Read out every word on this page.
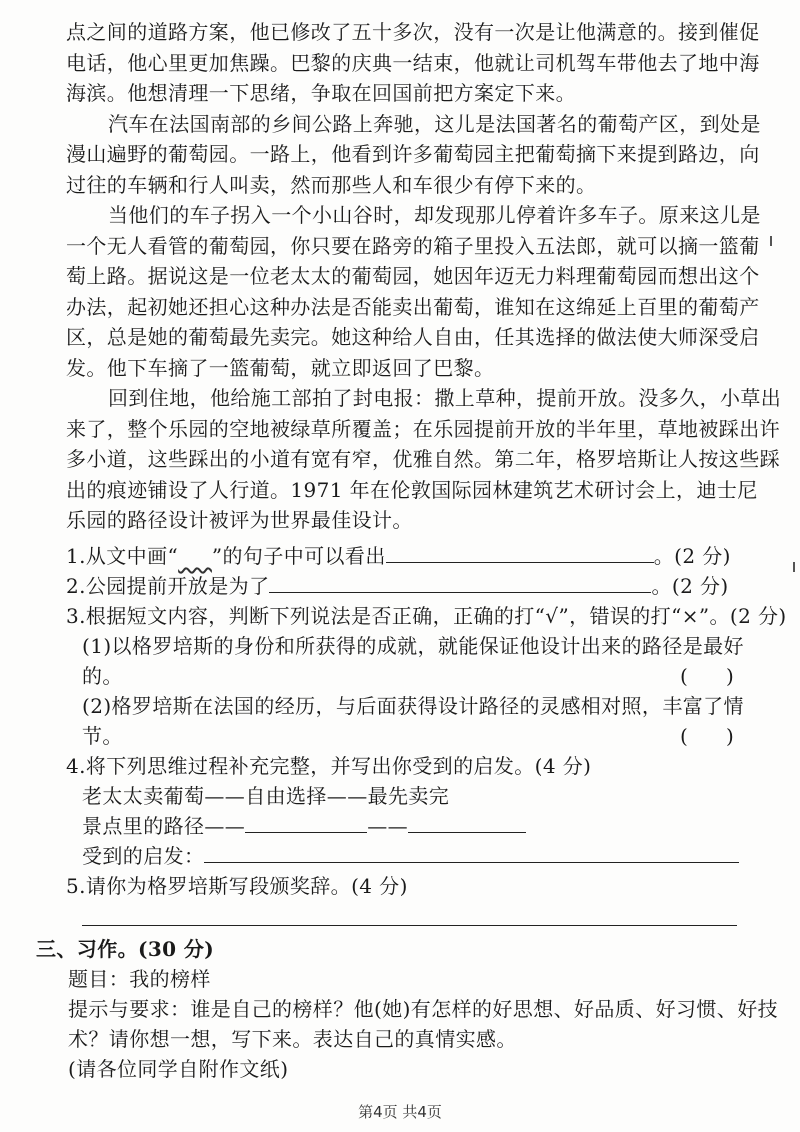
点之间的道路方案，他已修改了五十多次，没有一次是让他满意的。接到催促
电话，他心里更加焦躁。巴黎的庆典一结束，他就让司机驾车带他去了地中海
海滨。他想清理一下思绪，争取在回国前把方案定下来。
汽车在法国南部的乡间公路上奔驰，这儿是法国著名的葡萄产区，到处是
漫山遍野的葡萄园。一路上，他看到许多葡萄园主把葡萄摘下来提到路边，向
过往的车辆和行人叫卖，然而那些人和车很少有停下来的。
当他们的车子拐入一个小山谷时，却发现那儿停着许多车子。原来这儿是
一个无人看管的葡萄园，你只要在路旁的箱子里投入五法郎，就可以摘一篮葡
萄上路。据说这是一位老太太的葡萄园，她因年迈无力料理葡萄园而想出这个
办法，起初她还担心这种办法是否能卖出葡萄，谁知在这绵延上百里的葡萄产
区，总是她的葡萄最先卖完。她这种给人自由，任其选择的做法使大师深受启
发。他下车摘了一篮葡萄，就立即返回了巴黎。
回到住地，他给施工部拍了封电报：撒上草种，提前开放。没多久，小草出
来了，整个乐园的空地被绿草所覆盖；在乐园提前开放的半年里，草地被踩出许
多小道，这些踩出的小道有宽有窄，优雅自然。第二年，格罗培斯让人按这些踩
出的痕迹铺设了人行道。1971 年在伦敦国际园林建筑艺术研讨会上，迪士尼
乐园的路径设计被评为世界最佳设计。
1.从文中画“ ”的句子中可以看出	。(2 分)
2.公园提前开放是为了	。(2 分)
3.根据短文内容，判断下列说法是否正确，正确的打“√”，错误的打“×”。(2 分)
(1)以格罗培斯的身份和所获得的成就，就能保证他设计出来的路径是最好
的。	(      )
(2)格罗培斯在法国的经历，与后面获得设计路径的灵感相对照，丰富了情
节。	(      )
4.将下列思维过程补充完整，并写出你受到的启发。(4 分)
老太太卖葡萄——自由选择——最先卖完
景点里的路径——	——
受到的启发：
5.请你为格罗培斯写段颁奖辞。(4 分)
三、习作。(30 分)
题目：我的榜样
提示与要求：谁是自己的榜样？他(她)有怎样的好思想、好品质、好习惯、好技
第4页 共4页
术？请你想一想，写下来。表达自己的真情实感。
(请各位同学自附作文纸)
